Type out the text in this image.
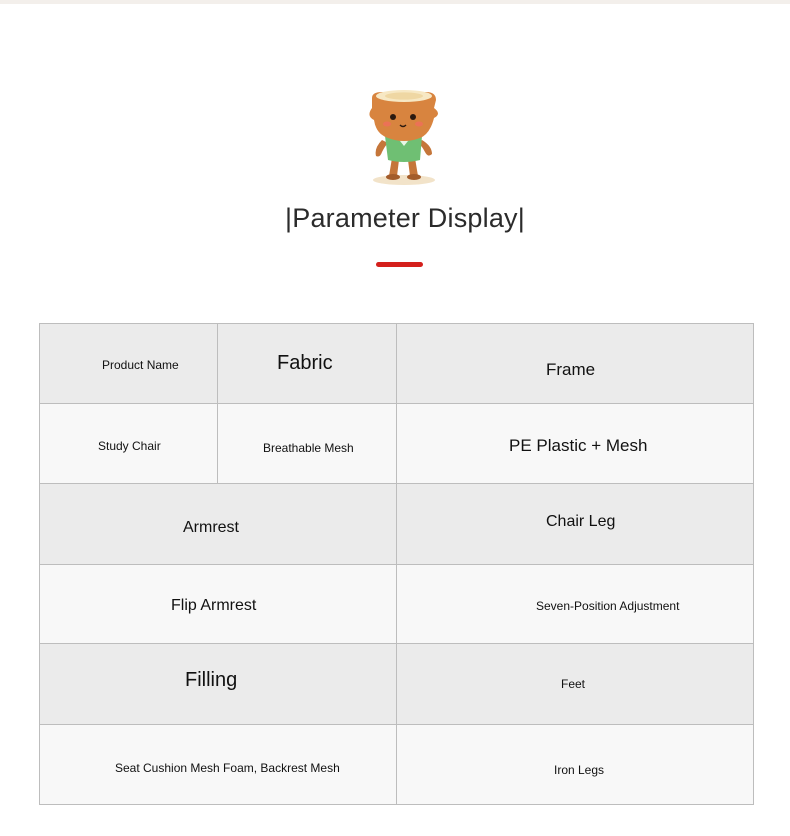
|Parameter Display|
Product Name	Fabric	Frame

Study Chair	Breathable Mesh	PE Plastic + Mesh

Armrest		Chair Leg

Flip Armrest		Seven-Position Adjustment

Filling		Feet

Seat Cushion Mesh Foam, Backrest Mesh		Iron Legs
